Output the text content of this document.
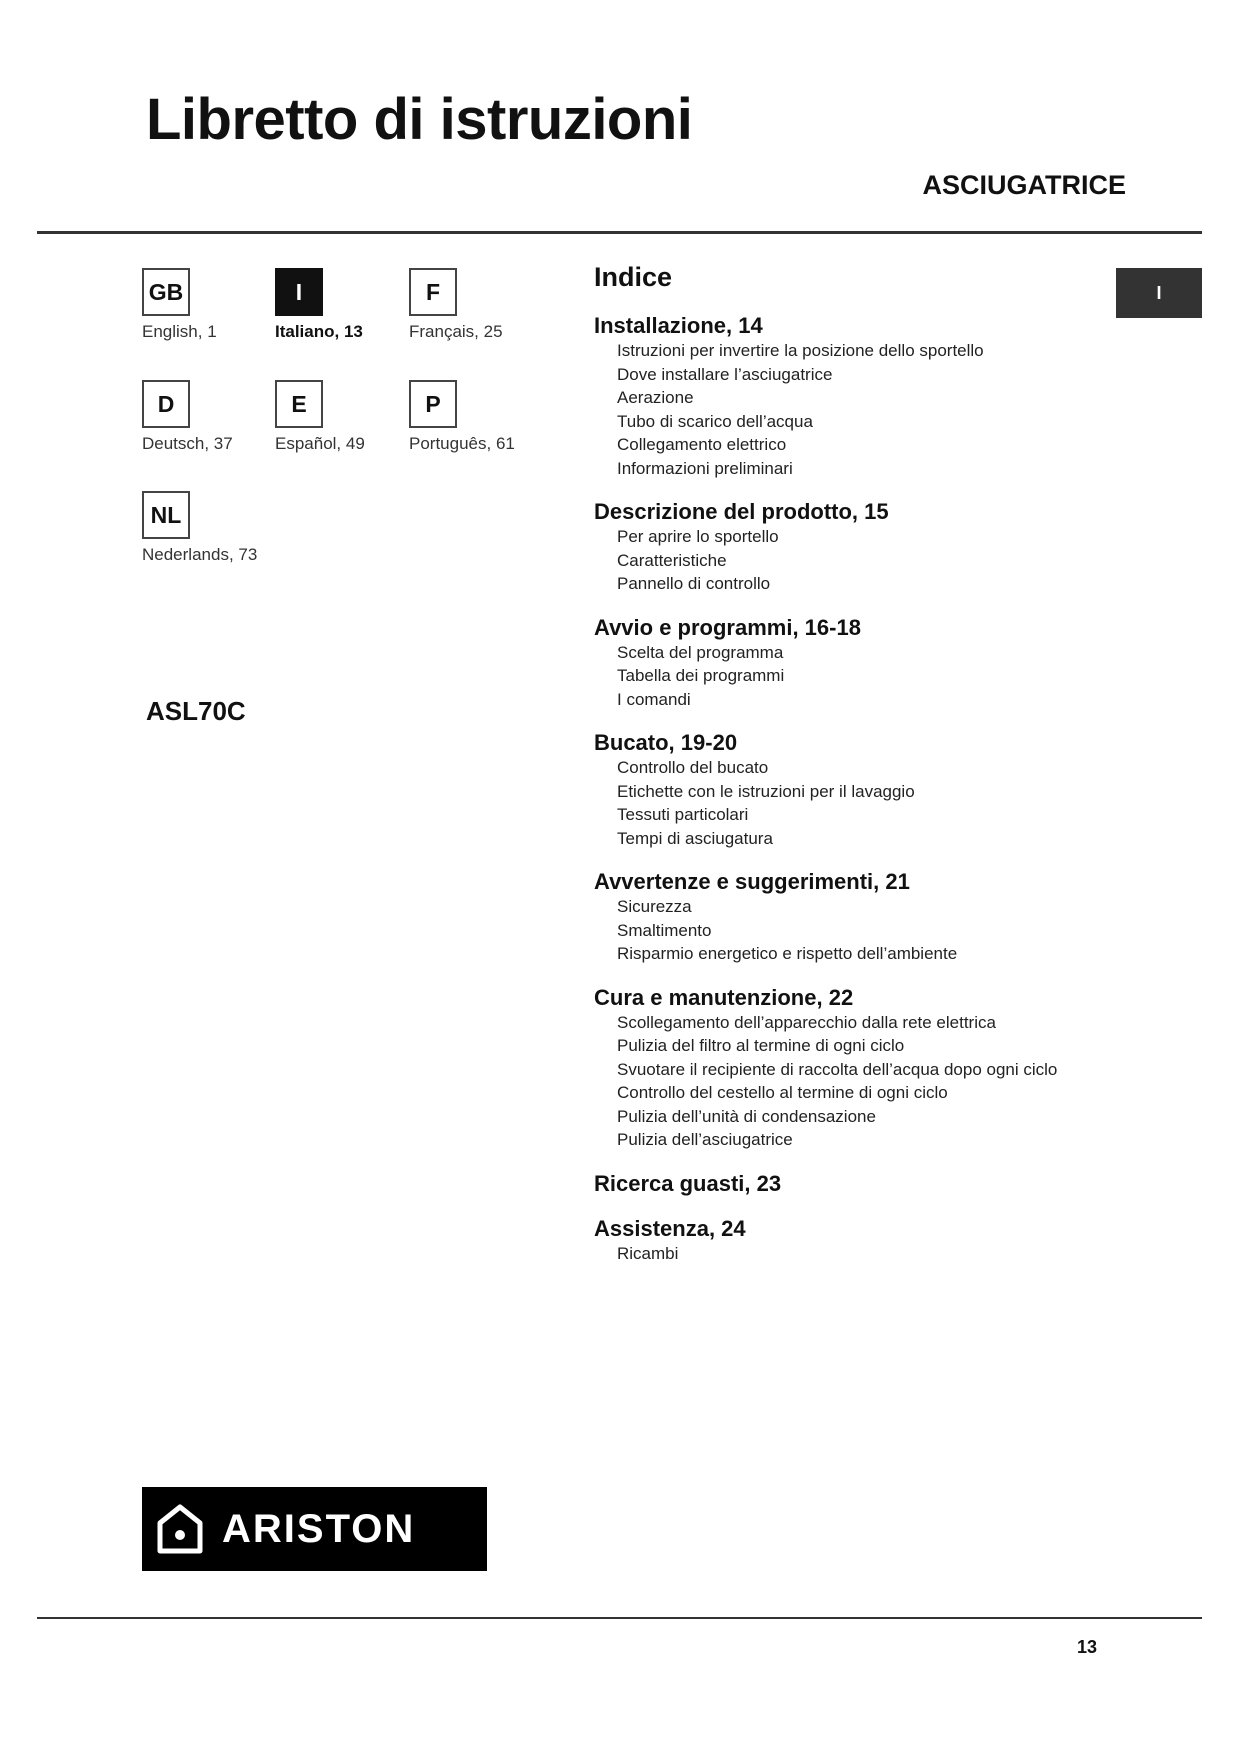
Libretto di istruzioni
ASCIUGATRICE
GB
English, 1
I
Italiano, 13
F
Français, 25
D
Deutsch, 37
E
Español, 49
P
Português, 61
NL
Nederlands, 73
ASL70C
Indice
Installazione, 14
Istruzioni per invertire la posizione dello sportello
Dove installare l’asciugatrice
Aerazione
Tubo di scarico dell’acqua
Collegamento elettrico
Informazioni preliminari
Descrizione del prodotto, 15
Per aprire lo sportello
Caratteristiche
Pannello di controllo
Avvio e programmi, 16-18
Scelta del programma
Tabella dei programmi
I comandi
Bucato, 19-20
Controllo del bucato
Etichette con le istruzioni per il lavaggio
Tessuti particolari
Tempi di asciugatura
Avvertenze e suggerimenti, 21
Sicurezza
Smaltimento
Risparmio energetico e rispetto dell’ambiente
Cura e manutenzione, 22
Scollegamento dell’apparecchio dalla rete elettrica
Pulizia del filtro al termine di ogni ciclo
Svuotare il recipiente di raccolta dell’acqua dopo ogni ciclo
Controllo del cestello al termine di ogni ciclo
Pulizia dell’unità di condensazione
Pulizia dell’asciugatrice
Ricerca guasti, 23
Assistenza, 24
Ricambi
I
ARISTON
13
